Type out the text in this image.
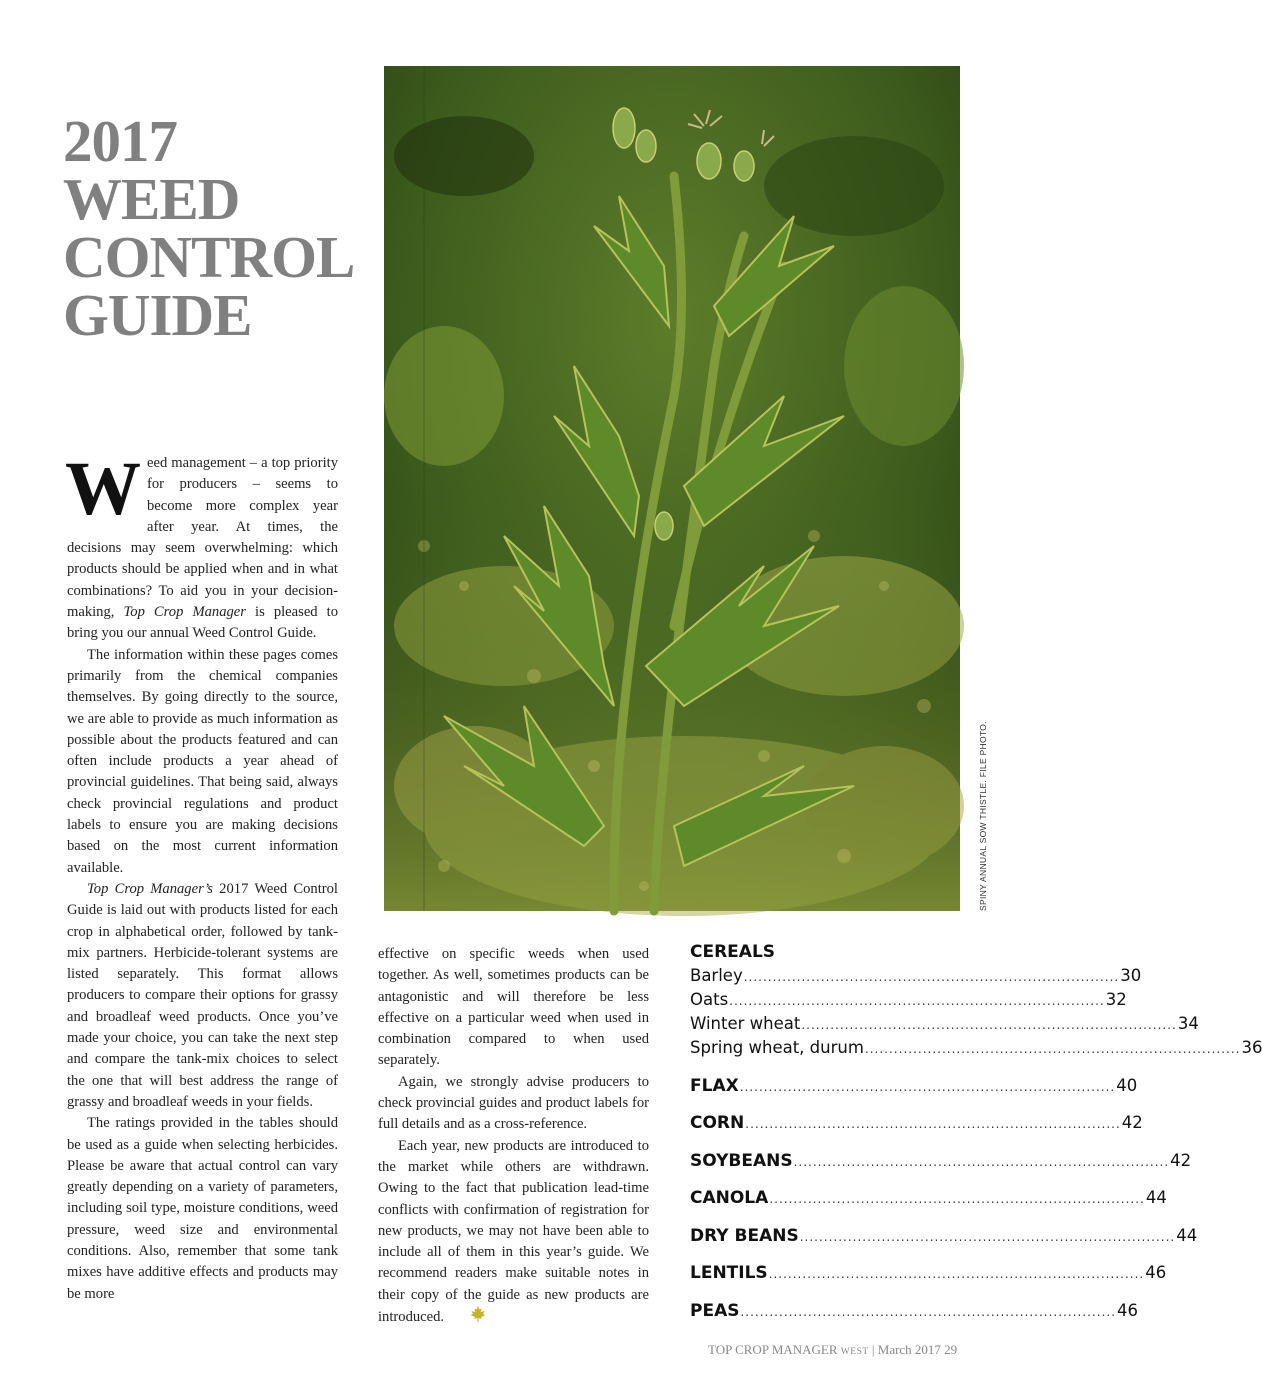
2017
WEED
CONTROL
GUIDE
SPINY ANNUAL SOW THISTLE. FILE PHOTO.

Weed management – a top priority for producers – seems to become more complex year after year. At times, the decisions may seem overwhelming: which products should be applied when and in what combinations? To aid you in your decision-making, Top Crop Manager is pleased to bring you our annual Weed Control Guide.

The information within these pages comes primarily from the chemical companies themselves. By going directly to the source, we are able to provide as much information as possible about the products featured and can often include products a year ahead of provincial guidelines. That being said, always check provincial regulations and product labels to ensure you are making decisions based on the most current information available.

Top Crop Manager’s 2017 Weed Control Guide is laid out with products listed for each crop in alphabetical order, followed by tank-mix partners. Herbicide-tolerant systems are listed separately. This format allows producers to compare their options for grassy and broadleaf weed products. Once you’ve made your choice, you can take the next step and compare the tank-mix choices to select the one that will best address the range of grassy and broadleaf weeds in your fields.

The ratings provided in the tables should be used as a guide when selecting herbicides. Please be aware that actual control can vary greatly depending on a variety of parameters, including soil type, moisture conditions, weed pressure, weed size and environmental conditions. Also, remember that some tank mixes have additive effects and products may be more

effective on specific weeds when used together. As well, sometimes products can be antagonistic and will therefore be less effective on a particular weed when used in combination compared to when used separately.

Again, we strongly advise producers to check provincial guides and product labels for full details and as a cross-reference.

Each year, new products are introduced to the market while others are withdrawn. Owing to the fact that publication lead-time conflicts with confirmation of registration for new products, we may not have been able to include all of them in this year’s guide. We recommend readers make suitable notes in their copy of the guide as new products are introduced.

CEREALS
Barley .............................................................................. 30
Oats .............................................................................. 32
Winter wheat .............................................................................. 34
Spring wheat, durum .............................................................................. 36
FLAX .............................................................................. 40
CORN .............................................................................. 42
SOYBEANS .............................................................................. 42
CANOLA .............................................................................. 44
DRY BEANS .............................................................................. 44
LENTILS .............................................................................. 46
PEAS .............................................................................. 46
TOP CROP MANAGER WEST | March 2017 29
